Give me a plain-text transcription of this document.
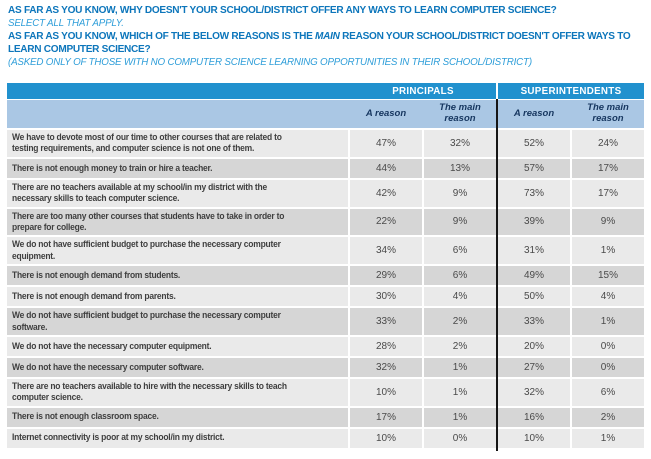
AS FAR AS YOU KNOW, WHY DOESN'T YOUR SCHOOL/DISTRICT OFFER ANY WAYS TO LEARN COMPUTER SCIENCE?
SELECT ALL THAT APPLY.
AS FAR AS YOU KNOW, WHICH OF THE BELOW REASONS IS THE MAIN REASON YOUR SCHOOL/DISTRICT DOESN'T OFFER WAYS TO LEARN COMPUTER SCIENCE?
(ASKED ONLY OF THOSE WITH NO COMPUTER SCIENCE LEARNING OPPORTUNITIES IN THEIR SCHOOL/DISTRICT)
PRINCIPALS	SUPERINTENDENTS
A reason	The main reason	A reason	The main reason
We have to devote most of our time to other courses that are related to testing requirements, and computer science is not one of them.	47%	32%	52%	24%
There is not enough money to train or hire a teacher.	44%	13%	57%	17%
There are no teachers available at my school/in my district with the necessary skills to teach computer science.	42%	9%	73%	17%
There are too many other courses that students have to take in order to prepare for college.	22%	9%	39%	9%
We do not have sufficient budget to purchase the necessary computer equipment.	34%	6%	31%	1%
There is not enough demand from students.	29%	6%	49%	15%
There is not enough demand from parents.	30%	4%	50%	4%
We do not have sufficient budget to purchase the necessary computer software.	33%	2%	33%	1%
We do not have the necessary computer equipment.	28%	2%	20%	0%
We do not have the necessary computer software.	32%	1%	27%	0%
There are no teachers available to hire with the necessary skills to teach computer science.	10%	1%	32%	6%
There is not enough classroom space.	17%	1%	16%	2%
Internet connectivity is poor at my school/in my district.	10%	0%	10%	1%
